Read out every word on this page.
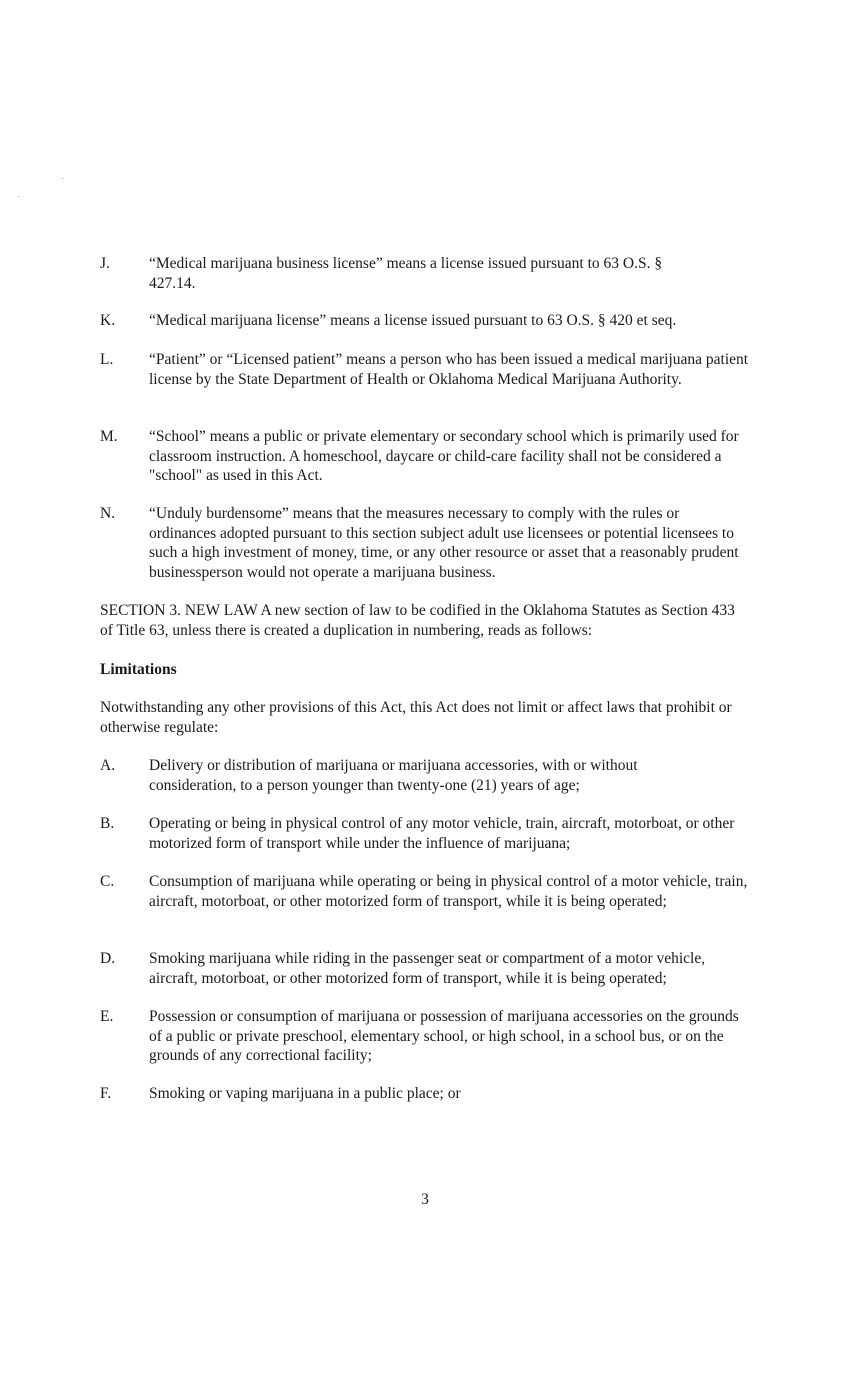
J.	“Medical marijuana business license” means a license issued pursuant to 63 O.S. § 427.14.
K.	“Medical marijuana license” means a license issued pursuant to 63 O.S. § 420 et seq.
L.	“Patient” or “Licensed patient” means a person who has been issued a medical marijuana patient license by the State Department of Health or Oklahoma Medical Marijuana Authority.
M.	“School” means a public or private elementary or secondary school which is primarily used for classroom instruction. A homeschool, daycare or child-care facility shall not be considered a "school" as used in this Act.
N.	“Unduly burdensome” means that the measures necessary to comply with the rules or ordinances adopted pursuant to this section subject adult use licensees or potential licensees to such a high investment of money, time, or any other resource or asset that a reasonably prudent businessperson would not operate a marijuana business.
SECTION 3. NEW LAW A new section of law to be codified in the Oklahoma Statutes as Section 433 of Title 63, unless there is created a duplication in numbering, reads as follows:
Limitations
Notwithstanding any other provisions of this Act, this Act does not limit or affect laws that prohibit or otherwise regulate:
A.	Delivery or distribution of marijuana or marijuana accessories, with or without consideration, to a person younger than twenty-one (21) years of age;
B.	Operating or being in physical control of any motor vehicle, train, aircraft, motorboat, or other motorized form of transport while under the influence of marijuana;
C.	Consumption of marijuana while operating or being in physical control of a motor vehicle, train, aircraft, motorboat, or other motorized form of transport, while it is being operated;
D.	Smoking marijuana while riding in the passenger seat or compartment of a motor vehicle, aircraft, motorboat, or other motorized form of transport, while it is being operated;
E.	Possession or consumption of marijuana or possession of marijuana accessories on the grounds of a public or private preschool, elementary school, or high school, in a school bus, or on the grounds of any correctional facility;
F.	Smoking or vaping marijuana in a public place; or
3
